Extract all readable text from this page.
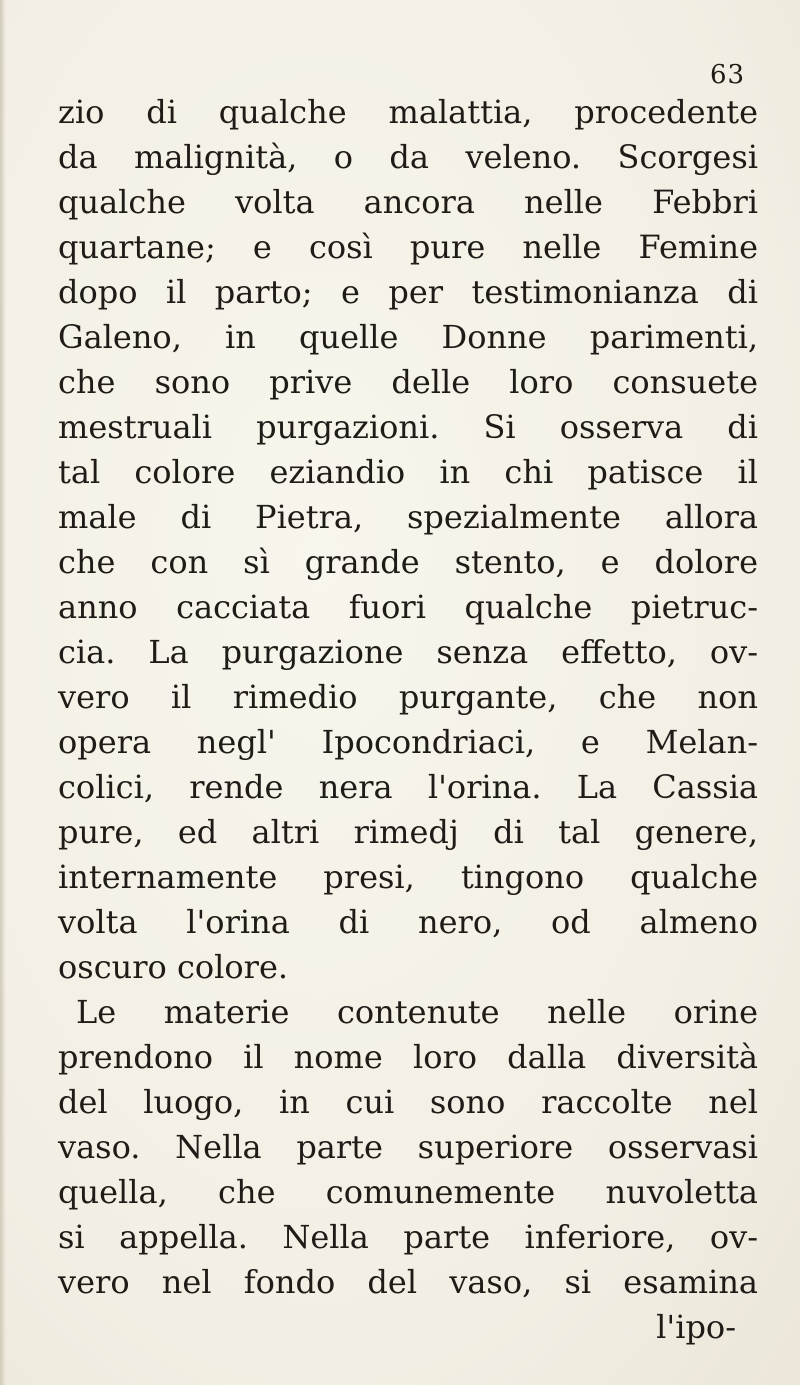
63
zio di qualche malattia, procedente
da malignità, o da veleno. Scorgesi
qualche volta ancora nelle Febbri
quartane; e così pure nelle Femine
dopo il parto; e per testimonianza di
Galeno, in quelle Donne parimenti,
che sono prive delle loro consuete
mestruali purgazioni. Si osserva di
tal colore eziandio in chi patisce il
male di Pietra, spezialmente allora
che con sì grande stento, e dolore
anno cacciata fuori qualche pietruc-
cia. La purgazione senza effetto, ov-
vero il rimedio purgante, che non
opera negl' Ipocondriaci, e Melan-
colici, rende nera l'orina. La Cassia
pure, ed altri rimedj di tal genere,
internamente presi, tingono qualche
volta l'orina di nero, od almeno
oscuro colore.
Le materie contenute nelle orine
prendono il nome loro dalla diversità
del luogo, in cui sono raccolte nel
vaso. Nella parte superiore osservasi
quella, che comunemente nuvoletta
si appella. Nella parte inferiore, ov-
vero nel fondo del vaso, si esamina
l'ipo-
